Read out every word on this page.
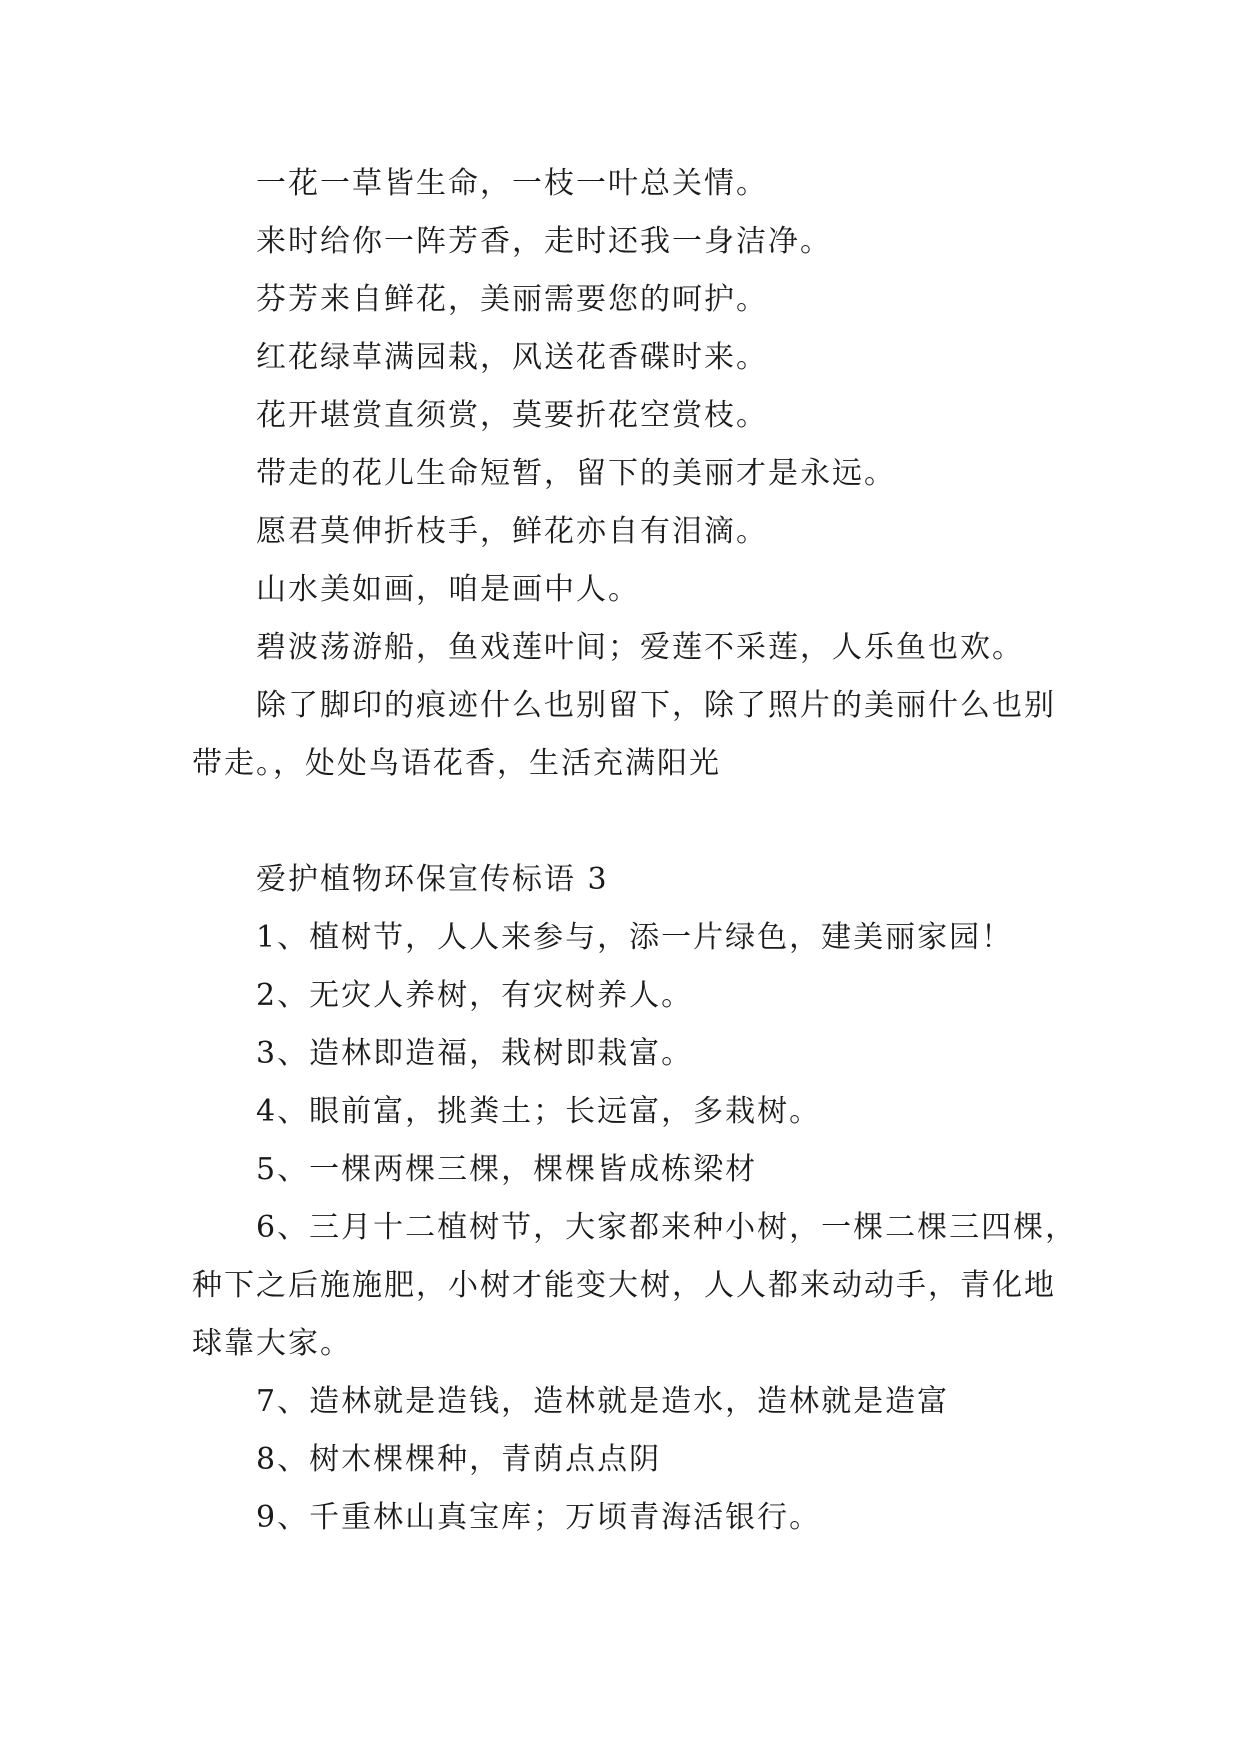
一花一草皆生命，一枝一叶总关情。

来时给你一阵芳香，走时还我一身洁净。

芬芳来自鲜花，美丽需要您的呵护。

红花绿草满园栽，风送花香碟时来。

花开堪赏直须赏，莫要折花空赏枝。

带走的花儿生命短暂，留下的美丽才是永远。

愿君莫伸折枝手，鲜花亦自有泪滴。

山水美如画，咱是画中人。

碧波荡游船，鱼戏莲叶间；爱莲不采莲，人乐鱼也欢。

除了脚印的痕迹什么也别留下，除了照片的美丽什么也别带走。，处处鸟语花香，生活充满阳光

爱护植物环保宣传标语 3

1、植树节，人人来参与，添一片绿色，建美丽家园！

2、无灾人养树，有灾树养人。

3、造林即造福，栽树即栽富。

4、眼前富，挑粪土；长远富，多栽树。

5、一棵两棵三棵，棵棵皆成栋梁材

6、三月十二植树节，大家都来种小树，一棵二棵三四棵，种下之后施施肥，小树才能变大树，人人都来动动手，青化地球靠大家。

7、造林就是造钱，造林就是造水，造林就是造富

8、树木棵棵种，青荫点点阴

9、千重林山真宝库；万顷青海活银行。
